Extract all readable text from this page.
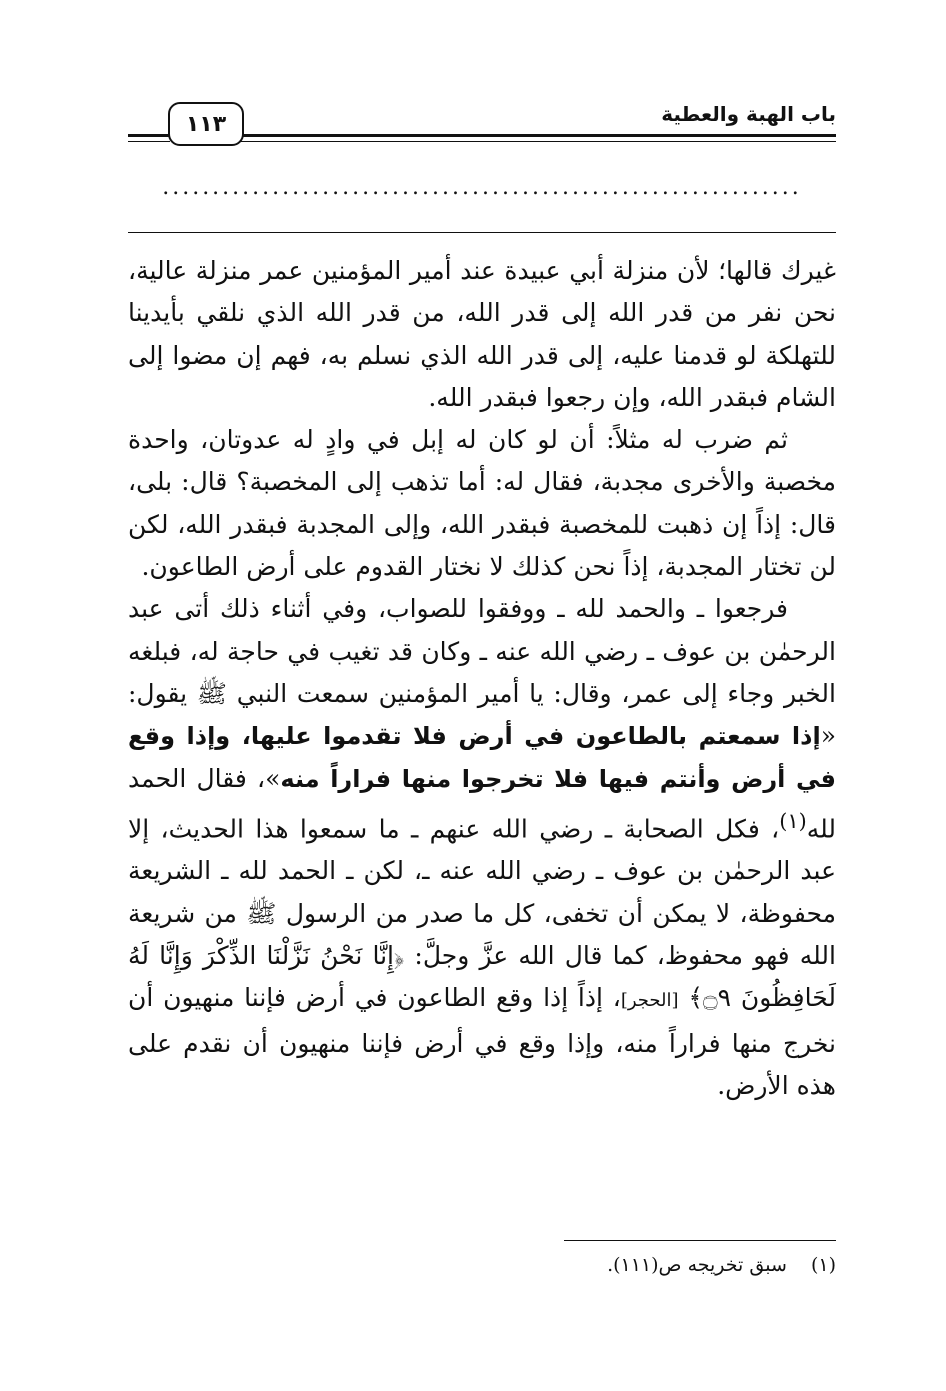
باب الهبة والعطية
١١٣
................................................................

غيرك قالها؛ لأن منزلة أبي عبيدة عند أمير المؤمنين عمر منزلة عالية، نحن نفر من قدر الله إلى قدر الله، من قدر الله الذي نلقي بأيدينا للتهلكة لو قدمنا عليه، إلى قدر الله الذي نسلم به، فهم إن مضوا إلى الشام فبقدر الله، وإن رجعوا فبقدر الله.

ثم ضرب له مثلاً: أن لو كان له إبل في وادٍ له عدوتان، واحدة مخصبة والأخرى مجدبة، فقال له: أما تذهب إلى المخصبة؟ قال: بلى، قال: إذاً إن ذهبت للمخصبة فبقدر الله، وإلى المجدبة فبقدر الله، لكن لن تختار المجدبة، إذاً نحن كذلك لا نختار القدوم على أرض الطاعون.

فرجعوا ـ والحمد لله ـ ووفقوا للصواب، وفي أثناء ذلك أتى عبد الرحمٰن بن عوف ـ رضي الله عنه ـ وكان قد تغيب في حاجة له، فبلغه الخبر وجاء إلى عمر، وقال: يا أمير المؤمنين سمعت النبي ﷺ يقول: «إذا سمعتم بالطاعون في أرض فلا تقدموا عليها، وإذا وقع في أرض وأنتم فيها فلا تخرجوا منها فراراً منه»، فقال الحمد لله$^{(١)}$، فكل الصحابة ـ رضي الله عنهم ـ ما سمعوا هذا الحديث، إلا عبد الرحمٰن بن عوف ـ رضي الله عنه ـ، لكن ـ الحمد لله ـ الشريعة محفوظة، لا يمكن أن تخفى، كل ما صدر من الرسول ﷺ من شريعة الله فهو محفوظ، كما قال الله عزَّ وجلَّ: ﴿إِنَّا نَحْنُ نَزَّلْنَا الذِّكْرَ وَإِنَّا لَهُ لَحَافِظُونَ ۝٩﴾ [الحجر]، إذاً إذا وقع الطاعون في أرض فإننا منهيون أن نخرج منها فراراً منه، وإذا وقع في أرض فإننا منهيون أن نقدم على هذه الأرض.

(١) سبق تخريجه ص(١١١).
